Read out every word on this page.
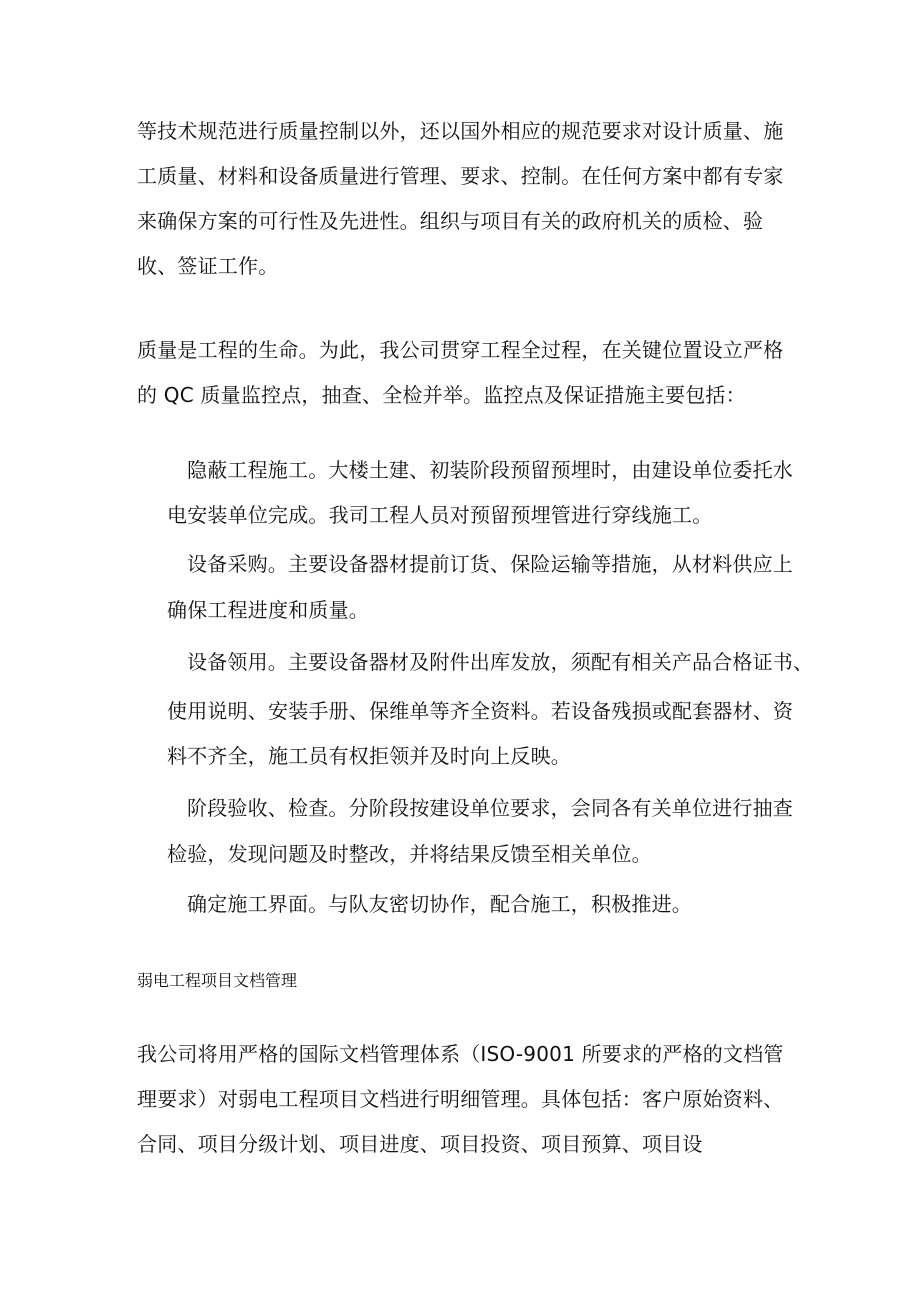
等技术规范进行质量控制以外，还以国外相应的规范要求对设计质量、施
工质量、材料和设备质量进行管理、要求、控制。在任何方案中都有专家
来确保方案的可行性及先进性。组织与项目有关的政府机关的质检、验
收、签证工作。
质量是工程的生命。为此，我公司贯穿工程全过程，在关键位置设立严格
的 QC 质量监控点，抽查、全检并举。监控点及保证措施主要包括：
隐蔽工程施工。大楼土建、初装阶段预留预埋时，由建设单位委托水
电安装单位完成。我司工程人员对预留预埋管进行穿线施工。
设备采购。主要设备器材提前订货、保险运输等措施，从材料供应上
确保工程进度和质量。
设备领用。主要设备器材及附件出库发放，须配有相关产品合格证书、
使用说明、安装手册、保维单等齐全资料。若设备残损或配套器材、资
料不齐全，施工员有权拒领并及时向上反映。
阶段验收、检查。分阶段按建设单位要求，会同各有关单位进行抽查
检验，发现问题及时整改，并将结果反馈至相关单位。
确定施工界面。与队友密切协作，配合施工，积极推进。
弱电工程项目文档管理
我公司将用严格的国际文档管理体系（ISO-9001 所要求的严格的文档管
理要求）对弱电工程项目文档进行明细管理。具体包括：客户原始资料、
合同、项目分级计划、项目进度、项目投资、项目预算、项目设
